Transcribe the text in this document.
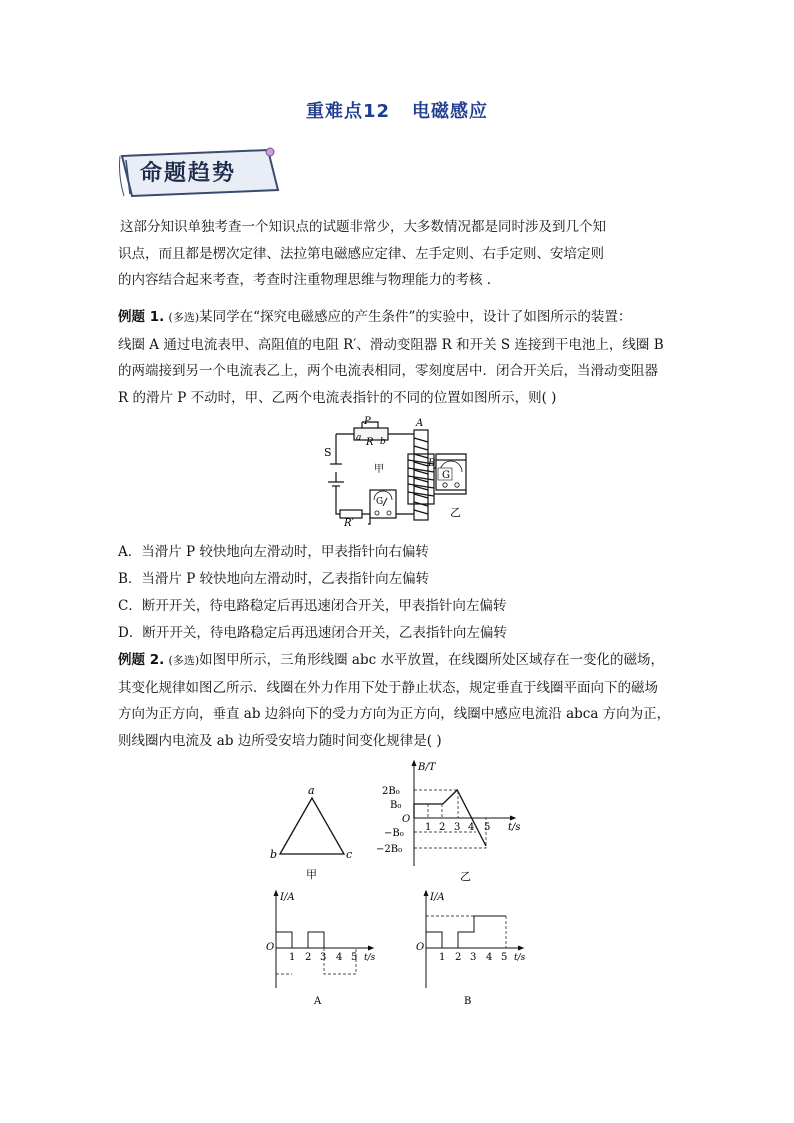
重难点12 电磁感应
命题趋势

这部分知识单独考查一个知识点的试题非常少，大多数情况都是同时涉及到几个知

识点，而且都是楞次定律、法拉第电磁感应定律、左手定则、右手定则、安培定则

的内容结合起来考查，考查时注重物理思维与物理能力的考核 .

例题 1. (多选)某同学在“探究电磁感应的产生条件”的实验中，设计了如图所示的装置：

线圈 A 通过电流表甲、高阻值的电阻 R′、滑动变阻器 R 和开关 S 连接到干电池上，线圈 B

的两端接到另一个电流表乙上，两个电流表相同，零刻度居中．闭合开关后，当滑动变阻器

R 的滑片 P 不动时，甲、乙两个电流表指针的不同的位置如图所示，则( )

P
a R b
A
S
甲
B
G
G
R′
乙
A．当滑片 P 较快地向左滑动时，甲表指针向右偏转
B．当滑片 P 较快地向左滑动时，乙表指针向左偏转
C．断开开关，待电路稳定后再迅速闭合开关，甲表指针向左偏转
D．断开开关，待电路稳定后再迅速闭合开关，乙表指针向左偏转

例题 2. (多选)如图甲所示，三角形线圈 abc 水平放置，在线圈所处区域存在一变化的磁场，

其变化规律如图乙所示．线圈在外力作用下处于静止状态，规定垂直于线圈平面向下的磁场

方向为正方向，垂直 ab 边斜向下的受力方向为正方向，线圈中感应电流沿 abca 方向为正，

则线圈内电流及 ab 边所受安培力随时间变化规律是( )

a
b	c
甲
B/T
2B₀
B₀
O
−B₀
−2B₀
1 2 3 4 5 t/s
乙
I/A
O
1 2 3 4 5 t/s
A
I/A
O
1 2 3 4 5 t/s
B
